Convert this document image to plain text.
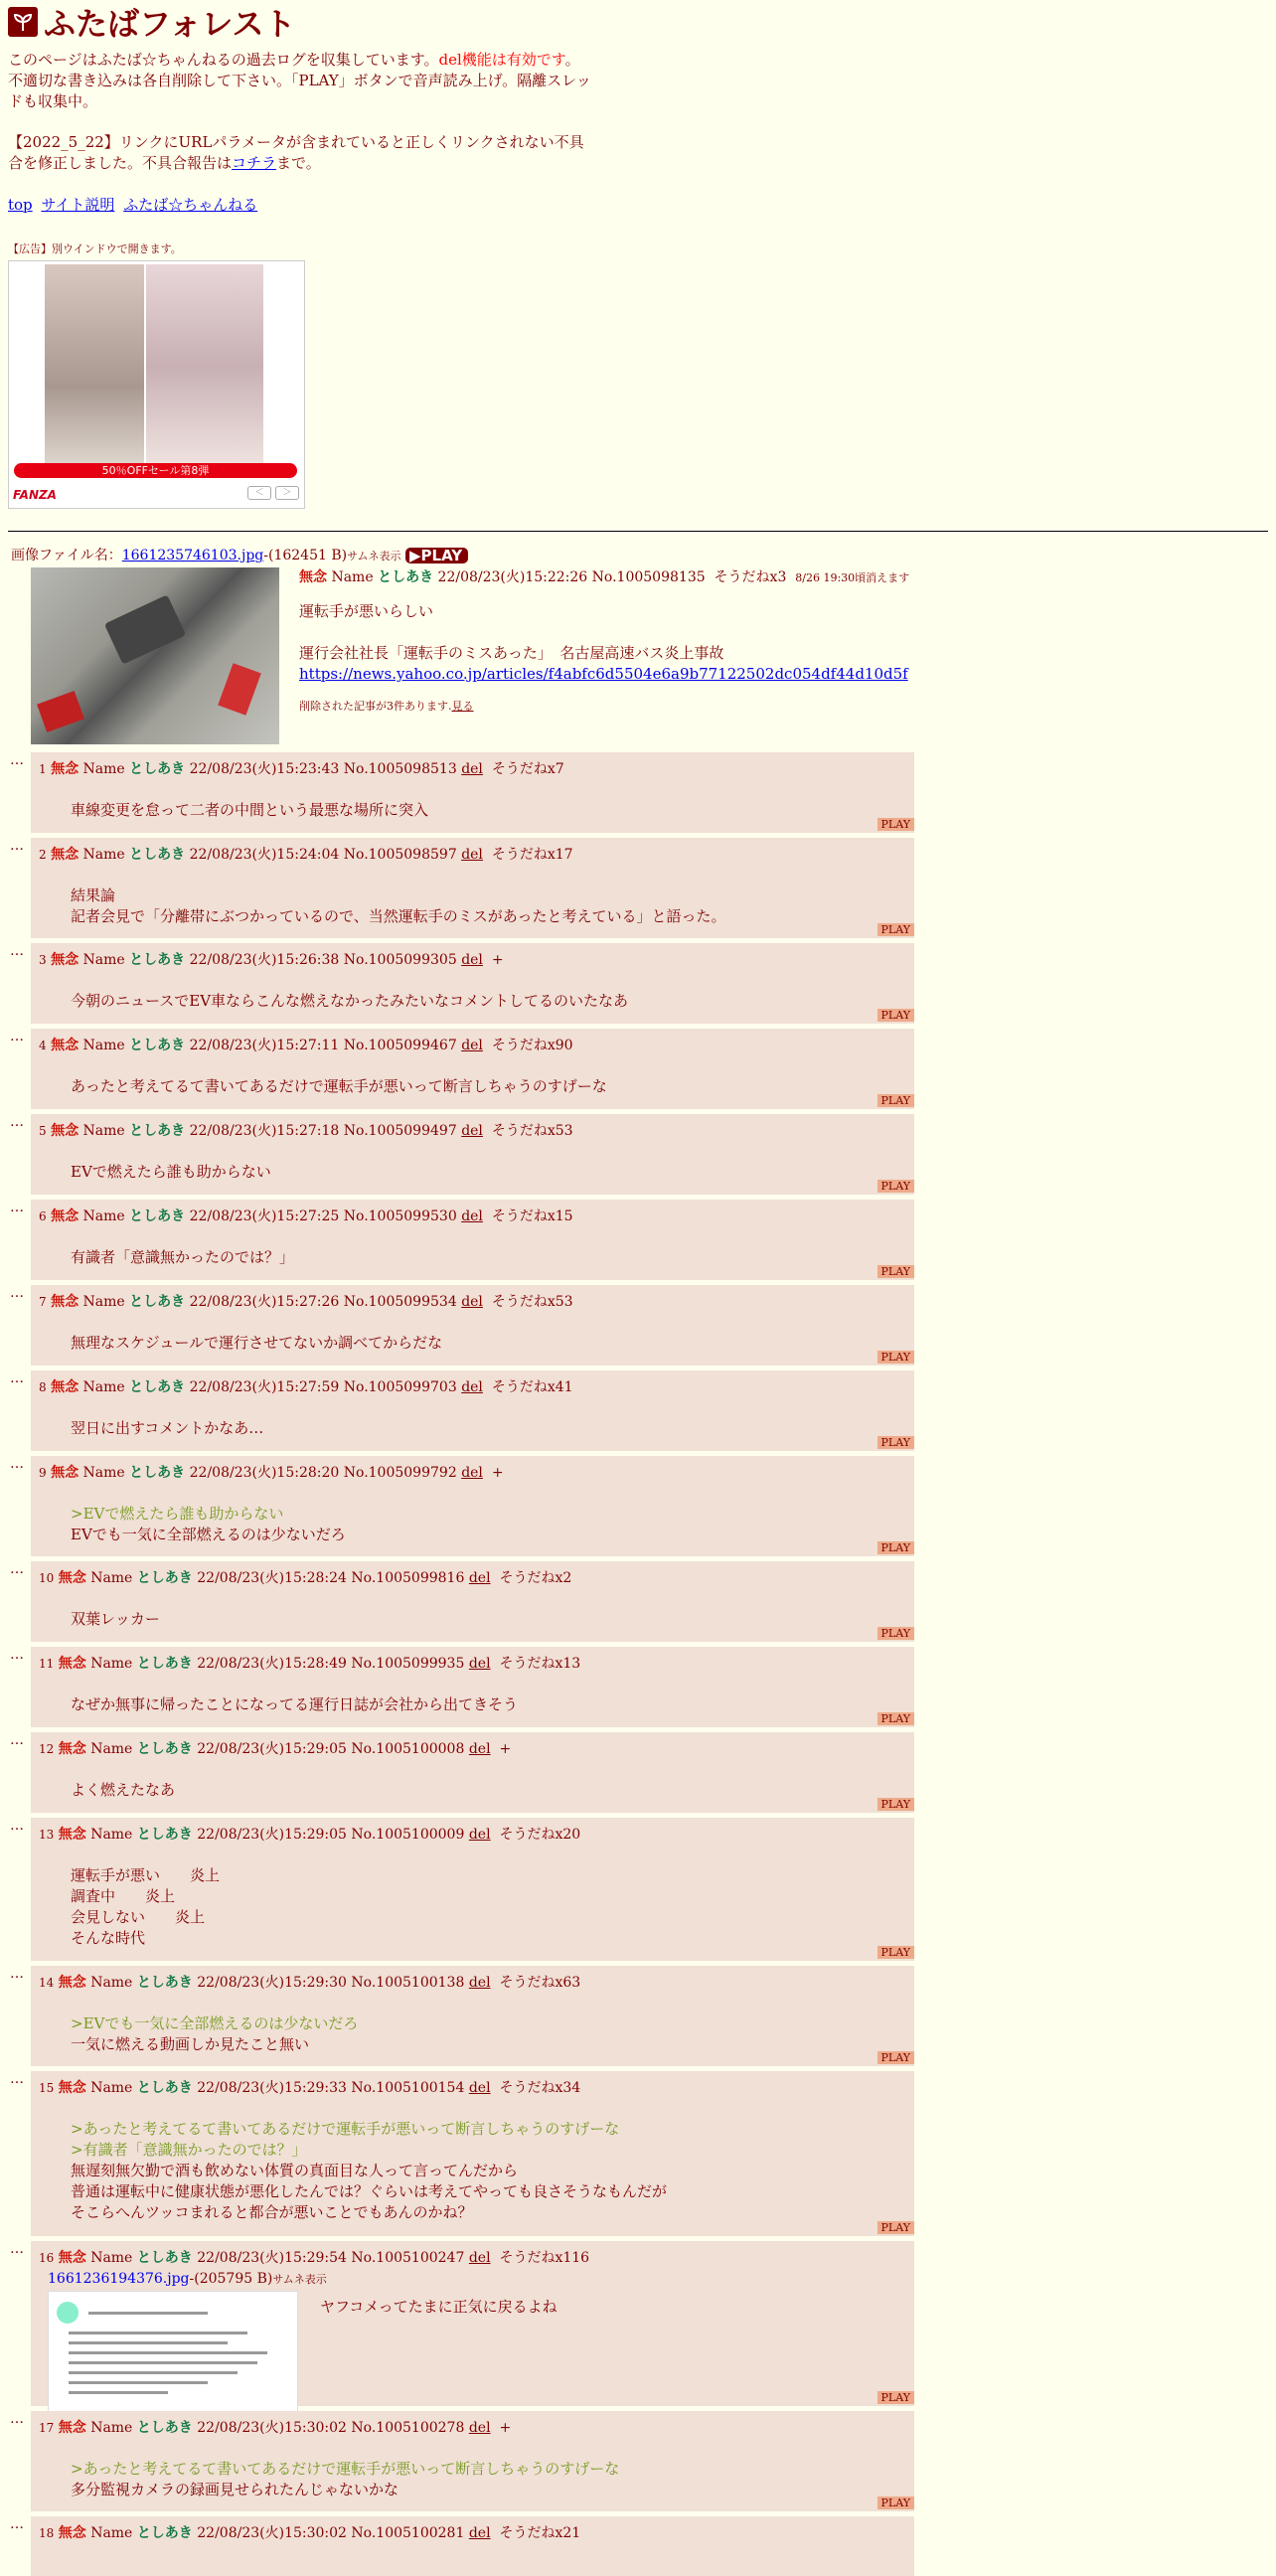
ふたばフォレスト
このページはふたば☆ちゃんねるの過去ログを収集しています。del機能は有効です。不適切な書き込みは各自削除して下さい。「PLAY」ボタンで音声読み上げ。隔離スレッドも収集中。
【2022_5_22】リンクにURLパラメータが含まれていると正しくリンクされない不具合を修正しました。不具合報告はコチラまで。
top サイト説明 ふたば☆ちゃんねる
【広告】別ウインドウで開きます。
50％OFFセール第8弾
FANZA	＜	＞
画像ファイル名：1661235746103.jpg-(162451 B)サムネ表示 ▶PLAY
無念 Name としあき 22/08/23(火)15:22:26 No.1005098135 そうだねx3 8/26 19:30頃消えます
運転手が悪いらしい
運行会社社長「運転手のミスあった」　名古屋高速バス炎上事故
https://news.yahoo.co.jp/articles/f4abfc6d5504e6a9b77122502dc054df44d10d5f
削除された記事が3件あります.見る
…
1 無念 Name としあき 22/08/23(火)15:23:43 No.1005098513 del そうだねx7
車線変更を怠って二者の中間という最悪な場所に突入
PLAY
…
2 無念 Name としあき 22/08/23(火)15:24:04 No.1005098597 del そうだねx17
結果論
記者会見で「分離帯にぶつかっているので、当然運転手のミスがあったと考えている」と語った。
PLAY
…
3 無念 Name としあき 22/08/23(火)15:26:38 No.1005099305 del +
今朝のニュースでEV車ならこんな燃えなかったみたいなコメントしてるのいたなあ
PLAY
…
4 無念 Name としあき 22/08/23(火)15:27:11 No.1005099467 del そうだねx90
あったと考えてるて書いてあるだけで運転手が悪いって断言しちゃうのすげーな
PLAY
…
5 無念 Name としあき 22/08/23(火)15:27:18 No.1005099497 del そうだねx53
EVで燃えたら誰も助からない
PLAY
…
6 無念 Name としあき 22/08/23(火)15:27:25 No.1005099530 del そうだねx15
有識者「意識無かったのでは？」
PLAY
…
7 無念 Name としあき 22/08/23(火)15:27:26 No.1005099534 del そうだねx53
無理なスケジュールで運行させてないか調べてからだな
PLAY
…
8 無念 Name としあき 22/08/23(火)15:27:59 No.1005099703 del そうだねx41
翌日に出すコメントかなあ…
PLAY
…
9 無念 Name としあき 22/08/23(火)15:28:20 No.1005099792 del +
>EVで燃えたら誰も助からない
EVでも一気に全部燃えるのは少ないだろ
PLAY
…
10 無念 Name としあき 22/08/23(火)15:28:24 No.1005099816 del そうだねx2
双葉レッカー
PLAY
…
11 無念 Name としあき 22/08/23(火)15:28:49 No.1005099935 del そうだねx13
なぜか無事に帰ったことになってる運行日誌が会社から出てきそう
PLAY
…
12 無念 Name としあき 22/08/23(火)15:29:05 No.1005100008 del +
よく燃えたなあ
PLAY
…
13 無念 Name としあき 22/08/23(火)15:29:05 No.1005100009 del そうだねx20
運転手が悪い　　炎上
調査中　　炎上
会見しない　　炎上
そんな時代
PLAY
…
14 無念 Name としあき 22/08/23(火)15:29:30 No.1005100138 del そうだねx63
>EVでも一気に全部燃えるのは少ないだろ
一気に燃える動画しか見たこと無い
PLAY
…
15 無念 Name としあき 22/08/23(火)15:29:33 No.1005100154 del そうだねx34
>あったと考えてるて書いてあるだけで運転手が悪いって断言しちゃうのすげーな
>有識者「意識無かったのでは？」
無遅刻無欠勤で酒も飲めない体質の真面目な人って言ってんだから
普通は運転中に健康状態が悪化したんでは？ぐらいは考えてやっても良さそうなもんだが
そこらへんツッコまれると都合が悪いことでもあんのかね？
PLAY
…
16 無念 Name としあき 22/08/23(火)15:29:54 No.1005100247 del そうだねx116
1661236194376.jpg-(205795 B)サムネ表示
ヤフコメってたまに正気に戻るよね
PLAY
…
17 無念 Name としあき 22/08/23(火)15:30:02 No.1005100278 del +
>あったと考えてるて書いてあるだけで運転手が悪いって断言しちゃうのすげーな
多分監視カメラの録画見せられたんじゃないかな
PLAY
…
18 無念 Name としあき 22/08/23(火)15:30:02 No.1005100281 del そうだねx21
